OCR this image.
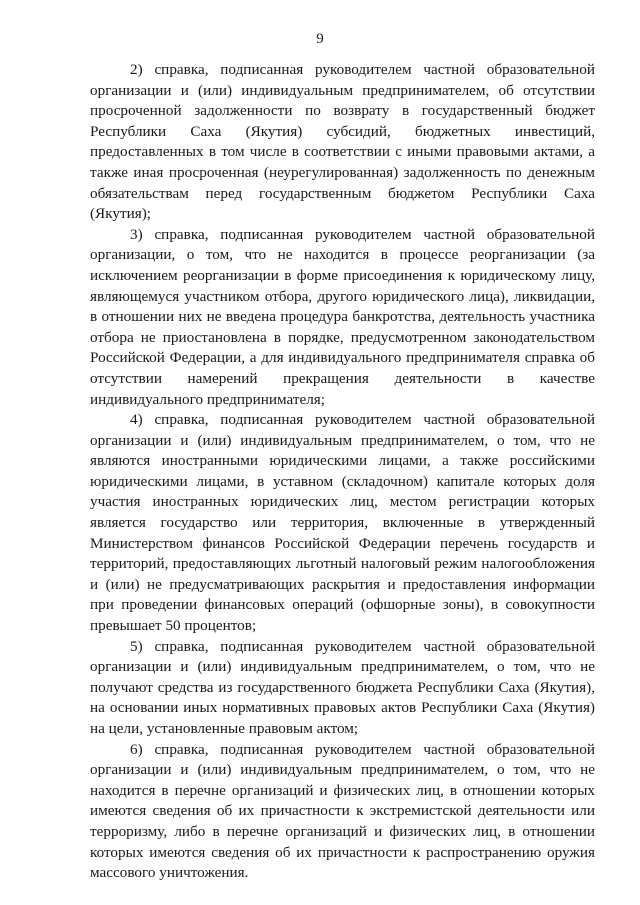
9

2) справка, подписанная руководителем частной образовательной организации и (или) индивидуальным предпринимателем, об отсутствии просроченной задолженности по возврату в государственный бюджет Республики Саха (Якутия) субсидий, бюджетных инвестиций, предоставленных в том числе в соответствии с иными правовыми актами, а также иная просроченная (неурегулированная) задолженность по денежным обязательствам перед государственным бюджетом Республики Саха (Якутия);

3) справка, подписанная руководителем частной образовательной организации, о том, что не находится в процессе реорганизации (за исключением реорганизации в форме присоединения к юридическому лицу, являющемуся участником отбора, другого юридического лица), ликвидации, в отношении них не введена процедура банкротства, деятельность участника отбора не приостановлена в порядке, предусмотренном законодательством Российской Федерации, а для индивидуального предпринимателя справка об отсутствии намерений прекращения деятельности в качестве индивидуального предпринимателя;

4) справка, подписанная руководителем частной образовательной организации и (или) индивидуальным предпринимателем, о том, что не являются иностранными юридическими лицами, а также российскими юридическими лицами, в уставном (складочном) капитале которых доля участия иностранных юридических лиц, местом регистрации которых является государство или территория, включенные в утвержденный Министерством финансов Российской Федерации перечень государств и территорий, предоставляющих льготный налоговый режим налогообложения и (или) не предусматривающих раскрытия и предоставления информации при проведении финансовых операций (офшорные зоны), в совокупности превышает 50 процентов;

5) справка, подписанная руководителем частной образовательной организации и (или) индивидуальным предпринимателем, о том, что не получают средства из государственного бюджета Республики Саха (Якутия), на основании иных нормативных правовых актов Республики Саха (Якутия) на цели, установленные правовым актом;

6) справка, подписанная руководителем частной образовательной организации и (или) индивидуальным предпринимателем, о том, что не находится в перечне организаций и физических лиц, в отношении которых имеются сведения об их причастности к экстремистской деятельности или терроризму, либо в перечне организаций и физических лиц, в отношении которых имеются сведения об их причастности к распространению оружия массового уничтожения.
